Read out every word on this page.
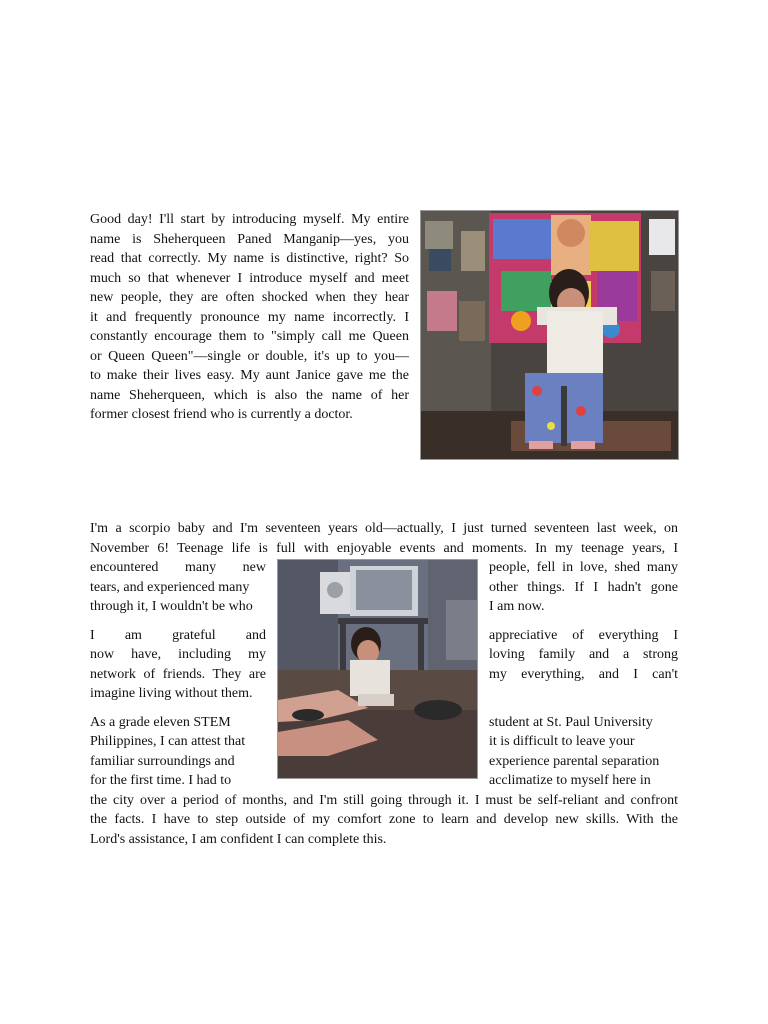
Good day! I'll start by introducing myself. My entire
name is Sheherqueen Paned Manganip—yes, you
read that correctly. My name is distinctive, right? So
much so that whenever I introduce myself and meet
new people, they are often shocked when they hear
it and frequently pronounce my name incorrectly. I
constantly encourage them to "simply call me Queen
or Queen Queen"—single or double, it's up to you—
to make their lives easy. My aunt Janice gave me the
name Sheherqueen, which is also the name of her
former closest friend who is currently a doctor.
I'm a scorpio baby and I'm seventeen years old—actually, I just turned seventeen last week, on
November 6! Teenage life is full with enjoyable events and moments. In my teenage years, I
encountered many new
tears, and experienced many
through it, I wouldn't be who
people, fell in love, shed many
other things. If I hadn't gone
I am now.
I am grateful and
now have, including my
network of friends. They are
imagine living without them.
appreciative of everything I
loving family and a strong
my everything, and I can't
As a grade eleven STEM
Philippines, I can attest that
familiar surroundings and
for the first time. I had to
student at St. Paul University
it is difficult to leave your
experience parental separation
acclimatize to myself here in
the city over a period of months, and I'm still going through it. I must be self-reliant and confront
the facts. I have to step outside of my comfort zone to learn and develop new skills. With the
Lord's assistance, I am confident I can complete this.
